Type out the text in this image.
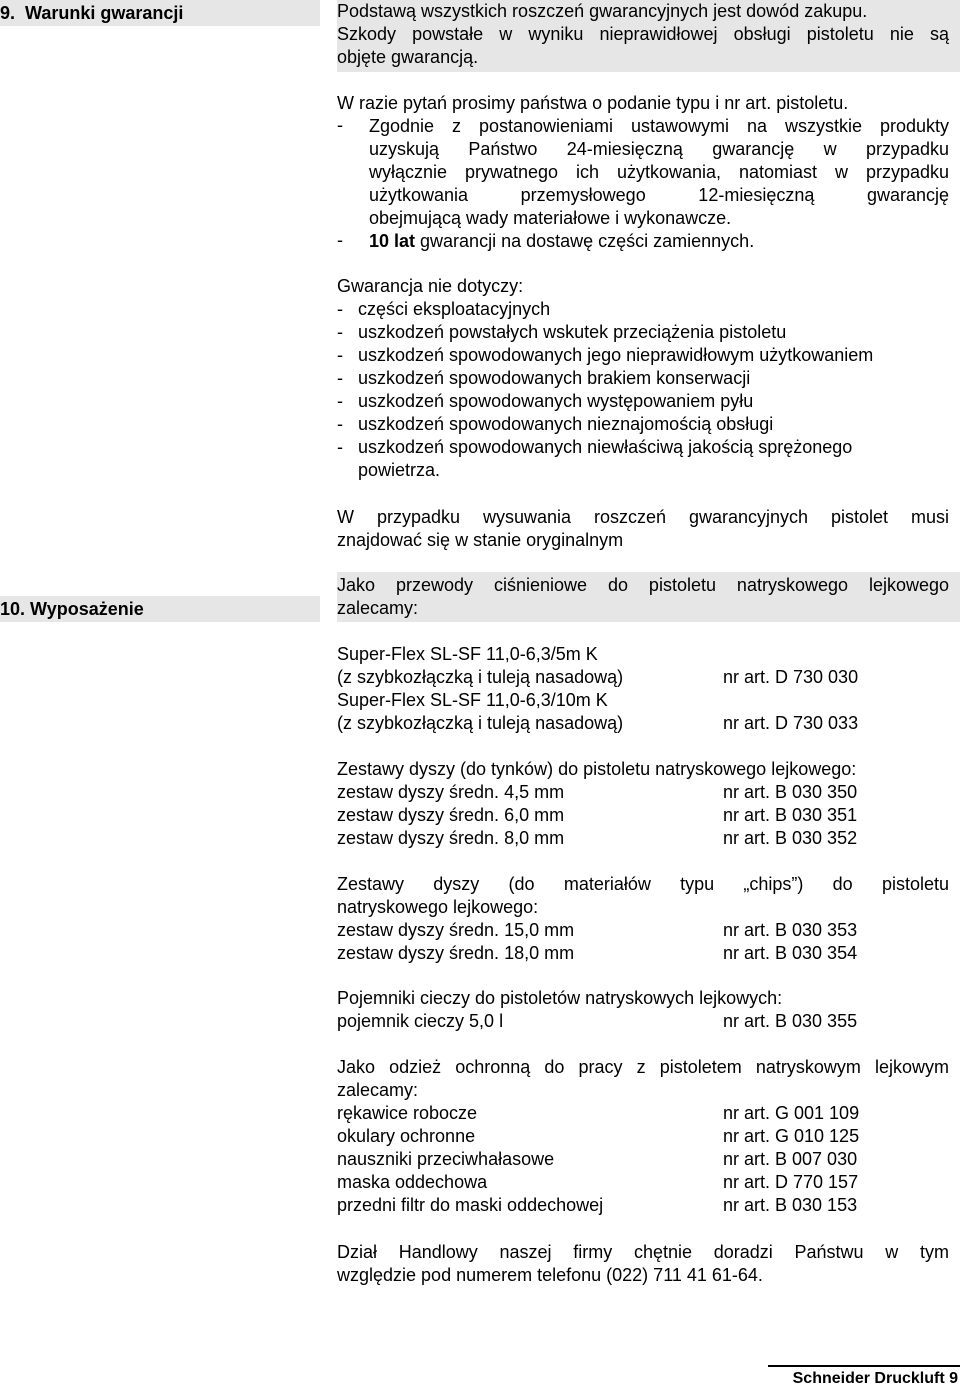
9.  Warunki gwarancji	Podstawą wszystkich roszczeń gwarancyjnych jest dowód zakupu.
Szkody powstałe w wyniku nieprawidłowej obsługi pistoletu nie są
objęte gwarancją.
W razie pytań prosimy państwa o podanie typu i nr art. pistoletu.
- Zgodnie z postanowieniami ustawowymi na wszystkie produkty
uzyskują Państwo 24-miesięczną gwarancję w przypadku
wyłącznie prywatnego ich użytkowania, natomiast w przypadku
użytkowania przemysłowego 12-miesięczną gwarancję
obejmującą wady materiałowe i wykonawcze.
-	10 lat gwarancji na dostawę części zamiennych.
Gwarancja nie dotyczy:
- części eksploatacyjnych
- uszkodzeń powstałych wskutek przeciążenia pistoletu
- uszkodzeń spowodowanych jego nieprawidłowym użytkowaniem
- uszkodzeń spowodowanych brakiem konserwacji
- uszkodzeń spowodowanych występowaniem pyłu
- uszkodzeń spowodowanych nieznajomością obsługi
- uszkodzeń spowodowanych niewłaściwą jakością sprężonego
powietrza.
W przypadku wysuwania roszczeń gwarancyjnych pistolet musi
znajdować się w stanie oryginalnym
10. Wyposażenie
Jako przewody ciśnieniowe do pistoletu natryskowego lejkowego
zalecamy:
Super-Flex SL-SF 11,0-6,3/5m K
(z szybkozłączką i tuleją nasadową)	nr art. D 730 030
Super-Flex SL-SF 11,0-6,3/10m K
(z szybkozłączką i tuleją nasadową)	nr art. D 730 033
Zestawy dyszy (do tynków) do pistoletu natryskowego lejkowego:
zestaw dyszy średn. 4,5 mm	nr art. B 030 350
zestaw dyszy średn. 6,0 mm	nr art. B 030 351
zestaw dyszy średn. 8,0 mm	nr art. B 030 352
Zestawy dyszy (do materiałów typu „chips”) do pistoletu
natryskowego lejkowego:
zestaw dyszy średn. 15,0 mm	nr art. B 030 353
zestaw dyszy średn. 18,0 mm	nr art. B 030 354
Pojemniki cieczy do pistoletów natryskowych lejkowych:
pojemnik cieczy 5,0 l	nr art. B 030 355
Jako odzież ochronną do pracy z pistoletem natryskowym lejkowym
zalecamy:
rękawice robocze	nr art. G 001 109
okulary ochronne	nr art. G 010 125
nauszniki przeciwhałasowe	nr art. B 007 030
maska oddechowa	nr art. D 770 157
przedni filtr do maski oddechowej	nr art. B 030 153
Dział Handlowy naszej firmy chętnie doradzi Państwu w tym
względzie pod numerem telefonu (022) 711 41 61-64.
Schneider Druckluft 9
